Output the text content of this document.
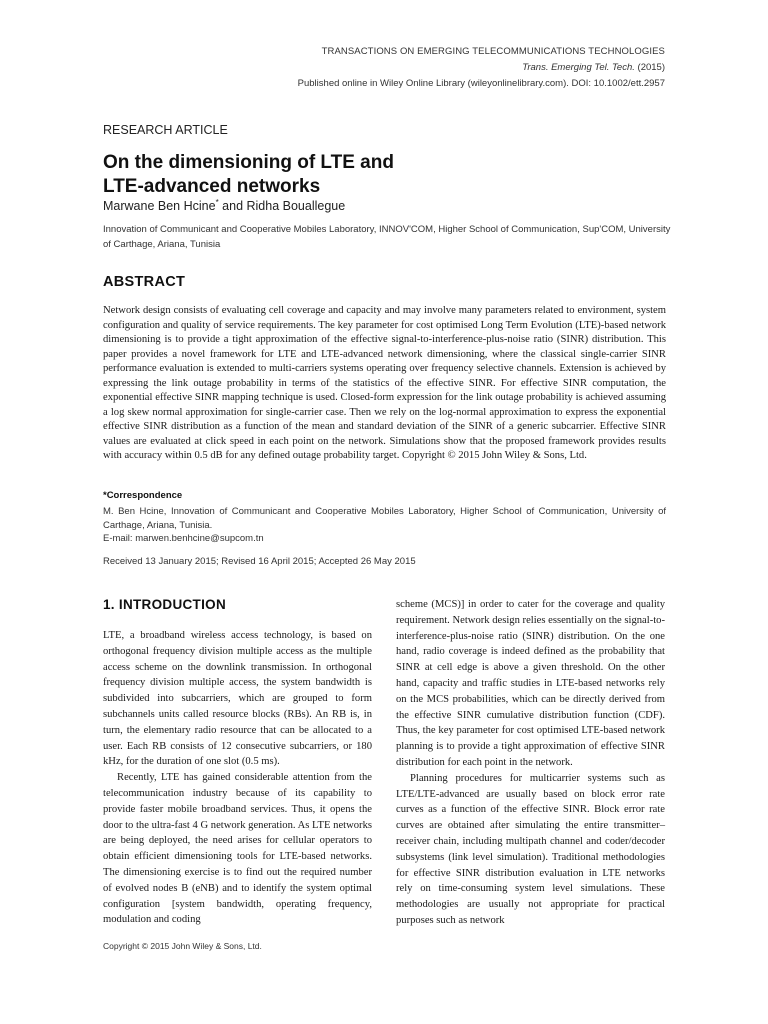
TRANSACTIONS ON EMERGING TELECOMMUNICATIONS TECHNOLOGIES
Trans. Emerging Tel. Tech. (2015)
Published online in Wiley Online Library (wileyonlinelibrary.com). DOI: 10.1002/ett.2957
RESEARCH ARTICLE
On the dimensioning of LTE and
LTE-advanced networks
Marwane Ben Hcine* and Ridha Bouallegue
Innovation of Communicant and Cooperative Mobiles Laboratory, INNOV'COM, Higher School of Communication, Sup'COM, University of Carthage, Ariana, Tunisia
ABSTRACT

Network design consists of evaluating cell coverage and capacity and may involve many parameters related to environment, system configuration and quality of service requirements. The key parameter for cost optimised Long Term Evolution (LTE)-based network dimensioning is to provide a tight approximation of the effective signal-to-interference-plus-noise ratio (SINR) distribution. This paper provides a novel framework for LTE and LTE-advanced network dimensioning, where the classical single-carrier SINR performance evaluation is extended to multi-carriers systems operating over frequency selective channels. Extension is achieved by expressing the link outage probability in terms of the statistics of the effective SINR. For effective SINR computation, the exponential effective SINR mapping technique is used. Closed-form expression for the link outage probability is achieved assuming a log skew normal approximation for single-carrier case. Then we rely on the log-normal approximation to express the exponential effective SINR distribution as a function of the mean and standard deviation of the SINR of a generic subcarrier. Effective SINR values are evaluated at click speed in each point on the network. Simulations show that the proposed framework provides results with accuracy within 0.5 dB for any defined outage probability target. Copyright © 2015 John Wiley & Sons, Ltd.

*Correspondence
M. Ben Hcine, Innovation of Communicant and Cooperative Mobiles Laboratory, Higher School of Communication, University of Carthage, Ariana, Tunisia.
E-mail: marwen.benhcine@supcom.tn
Received 13 January 2015; Revised 16 April 2015; Accepted 26 May 2015
1. INTRODUCTION

LTE, a broadband wireless access technology, is based on orthogonal frequency division multiple access as the multiple access scheme on the downlink transmission. In orthogonal frequency division multiple access, the system bandwidth is subdivided into subcarriers, which are grouped to form subchannels units called resource blocks (RBs). An RB is, in turn, the elementary radio resource that can be allocated to a user. Each RB consists of 12 consecutive subcarriers, or 180 kHz, for the duration of one slot (0.5 ms).

Recently, LTE has gained considerable attention from the telecommunication industry because of its capability to provide faster mobile broadband services. Thus, it opens the door to the ultra-fast 4 G network generation. As LTE networks are being deployed, the need arises for cellular operators to obtain efficient dimensioning tools for LTE-based networks. The dimensioning exercise is to find out the required number of evolved nodes B (eNB) and to identify the system optimal configuration [system bandwidth, operating frequency, modulation and coding

scheme (MCS)] in order to cater for the coverage and quality requirement. Network design relies essentially on the signal-to-interference-plus-noise ratio (SINR) distribution. On the one hand, radio coverage is indeed defined as the probability that SINR at cell edge is above a given threshold. On the other hand, capacity and traffic studies in LTE-based networks rely on the MCS probabilities, which can be directly derived from the effective SINR cumulative distribution function (CDF). Thus, the key parameter for cost optimised LTE-based network planning is to provide a tight approximation of effective SINR distribution for each point in the network.

Planning procedures for multicarrier systems such as LTE/LTE-advanced are usually based on block error rate curves as a function of the effective SINR. Block error rate curves are obtained after simulating the entire transmitter–receiver chain, including multipath channel and coder/decoder subsystems (link level simulation). Traditional methodologies for effective SINR distribution evaluation in LTE networks rely on time-consuming system level simulations. These methodologies are usually not appropriate for practical purposes such as network

Copyright © 2015 John Wiley & Sons, Ltd.
